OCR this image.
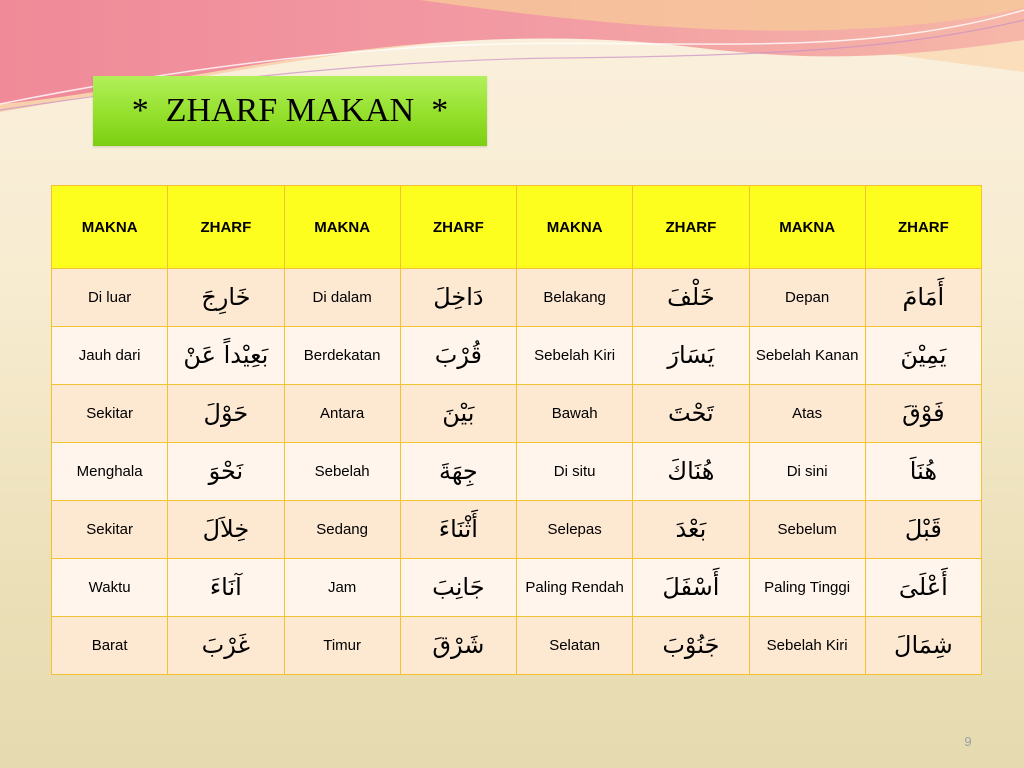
*  ZHARF MAKAN  *
MAKNA	ZHARF	MAKNA	ZHARF	MAKNA	ZHARF	MAKNA	ZHARF
Di luar	خَارِجَ	Di dalam	دَاخِلَ	Belakang	خَلْفَ	Depan	أَمَامَ
Jauh dari	بَعِيْداً عَنْ	Berdekatan	قُرْبَ	Sebelah Kiri	يَسَارَ	Sebelah Kanan	يَمِيْنَ
Sekitar	حَوْلَ	Antara	بَيْنَ	Bawah	تَحْتَ	Atas	فَوْقَ
Menghala	نَحْوَ	Sebelah	جِهَةَ	Di situ	هُنَاكَ	Di sini	هُنَاَ
Sekitar	خِلاَلَ	Sedang	أَثْنَاءَ	Selepas	بَعْدَ	Sebelum	قَبْلَ
Waktu	آنَاءَ	Jam	جَانِبَ	Paling Rendah	أَسْفَلَ	Paling Tinggi	أَعْلَىَ
Barat	غَرْبَ	Timur	شَرْقَ	Selatan	جَنُوْبَ	Sebelah Kiri	شِمَالَ
9
